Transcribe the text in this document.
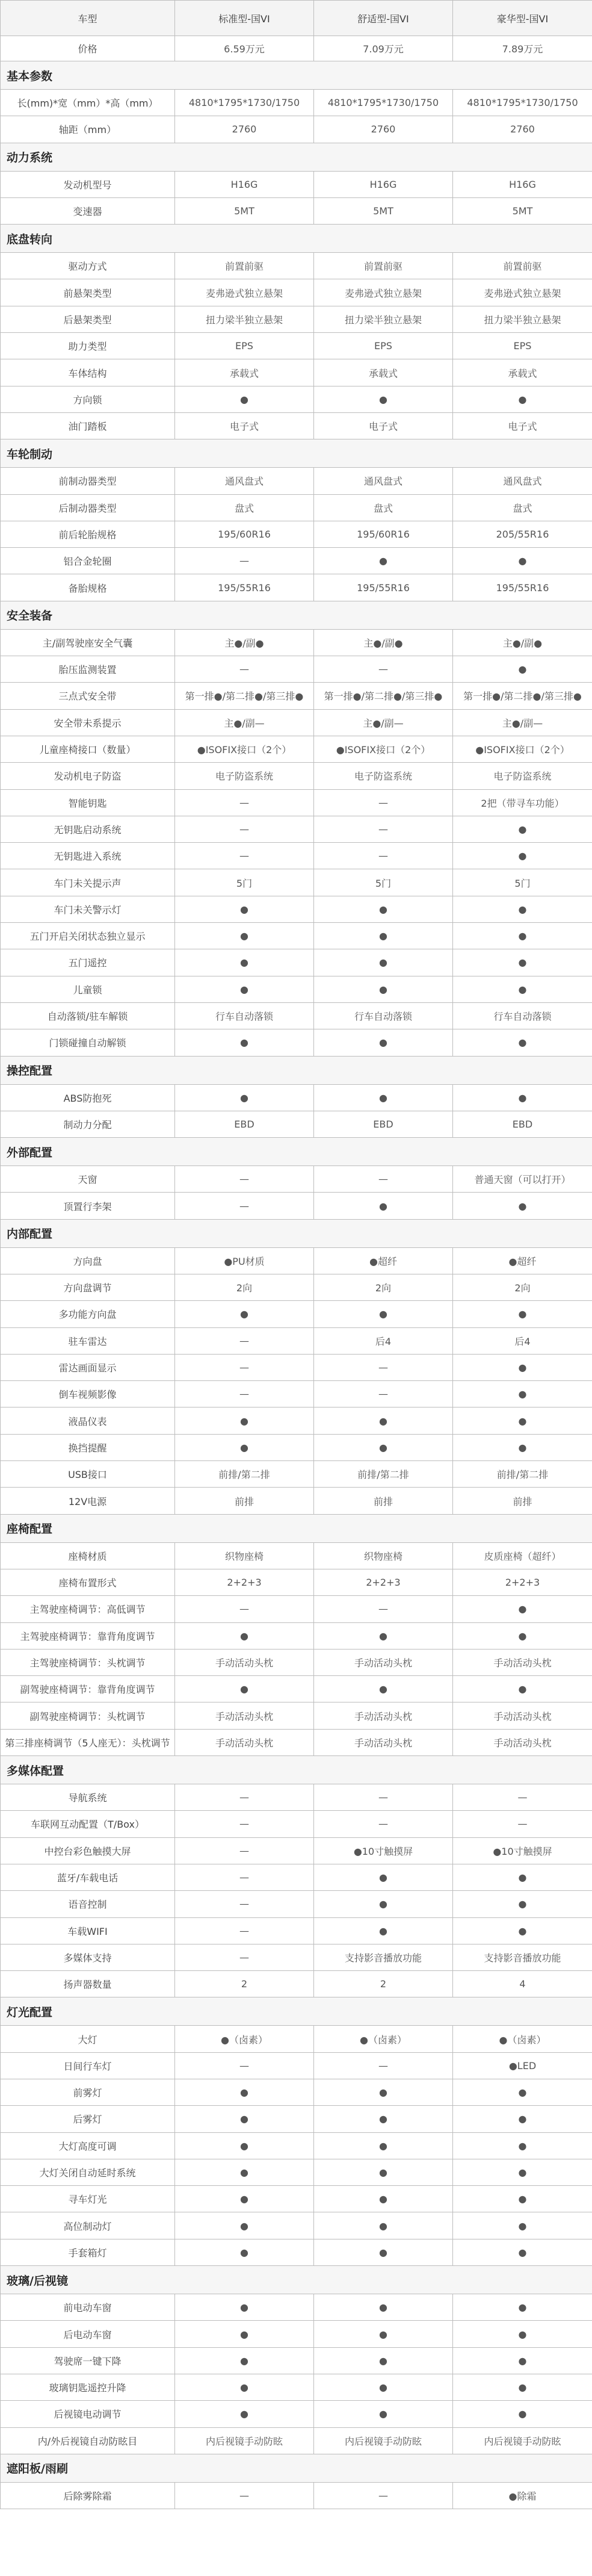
车型	标准型-国VI	舒适型-国VI	豪华型-国VI
价格	6.59万元	7.09万元	7.89万元
基本参数			
长(mm)*宽（mm）*高（mm）	4810*1795*1730/1750	4810*1795*1730/1750	4810*1795*1730/1750
轴距（mm）	2760	2760	2760
动力系统			
发动机型号	H16G	H16G	H16G
变速器	5MT	5MT	5MT
底盘转向			
驱动方式	前置前驱	前置前驱	前置前驱
前悬架类型	麦弗逊式独立悬架	麦弗逊式独立悬架	麦弗逊式独立悬架
后悬架类型	扭力梁半独立悬架	扭力梁半独立悬架	扭力梁半独立悬架
助力类型	EPS	EPS	EPS
车体结构	承载式	承载式	承载式
方向锁	●	●	●
油门踏板	电子式	电子式	电子式
车轮制动			
前制动器类型	通风盘式	通风盘式	通风盘式
后制动器类型	盘式	盘式	盘式
前后轮胎规格	195/60R16	195/60R16	205/55R16
铝合金轮圈	—	●	●
备胎规格	195/55R16	195/55R16	195/55R16
安全装备			
主/副驾驶座安全气囊	主●/副●	主●/副●	主●/副●
胎压监测装置	—	—	●
三点式安全带	第一排●/第二排●/第三排●	第一排●/第二排●/第三排●	第一排●/第二排●/第三排●
安全带未系提示	主●/副—	主●/副—	主●/副—
儿童座椅接口（数量）	●ISOFIX接口（2个）	●ISOFIX接口（2个）	●ISOFIX接口（2个）
发动机电子防盗	电子防盗系统	电子防盗系统	电子防盗系统
智能钥匙	—	—	2把（带寻车功能）
无钥匙启动系统	—	—	●
无钥匙进入系统	—	—	●
车门未关提示声	5门	5门	5门
车门未关警示灯	●	●	●
五门开启关闭状态独立显示	●	●	●
五门遥控	●	●	●
儿童锁	●	●	●
自动落锁/驻车解锁	行车自动落锁	行车自动落锁	行车自动落锁
门锁碰撞自动解锁	●	●	●
操控配置			
ABS防抱死	●	●	●
制动力分配	EBD	EBD	EBD
外部配置			
天窗	—	—	普通天窗（可以打开）
顶置行李架	—	●	●
内部配置			
方向盘	●PU材质	●超纤	●超纤
方向盘调节	2向	2向	2向
多功能方向盘	●	●	●
驻车雷达	—	后4	后4
雷达画面显示	—	—	●
倒车视频影像	—	—	●
液晶仪表	●	●	●
换挡提醒	●	●	●
USB接口	前排/第二排	前排/第二排	前排/第二排
12V电源	前排	前排	前排
座椅配置			
座椅材质	织物座椅	织物座椅	皮质座椅（超纤）
座椅布置形式	2+2+3	2+2+3	2+2+3
主驾驶座椅调节：高低调节	—	—	●
主驾驶座椅调节：靠背角度调节	●	●	●
主驾驶座椅调节：头枕调节	手动活动头枕	手动活动头枕	手动活动头枕
副驾驶座椅调节：靠背角度调节	●	●	●
副驾驶座椅调节：头枕调节	手动活动头枕	手动活动头枕	手动活动头枕
第三排座椅调节（5人座无）：头枕调节	手动活动头枕	手动活动头枕	手动活动头枕
多媒体配置			
导航系统	—	—	—
车联网互动配置（T/Box）	—	—	—
中控台彩色触摸大屏	—	●10寸触摸屏	●10寸触摸屏
蓝牙/车载电话	—	●	●
语音控制	—	●	●
车载WIFI	—	●	●
多媒体支持	—	支持影音播放功能	支持影音播放功能
扬声器数量	2	2	4
灯光配置			
大灯	●（卤素）	●（卤素）	●（卤素）
日间行车灯	—	—	●LED
前雾灯	●	●	●
后雾灯	●	●	●
大灯高度可调	●	●	●
大灯关闭自动延时系统	●	●	●
寻车灯光	●	●	●
高位制动灯	●	●	●
手套箱灯	●	●	●
玻璃/后视镜			
前电动车窗	●	●	●
后电动车窗	●	●	●
驾驶席一键下降	●	●	●
玻璃钥匙遥控升降	●	●	●
后视镜电动调节	●	●	●
内/外后视镜自动防眩目	内后视镜手动防眩	内后视镜手动防眩	内后视镜手动防眩
遮阳板/雨刷			
后除雾除霜	—	—	●除霜
